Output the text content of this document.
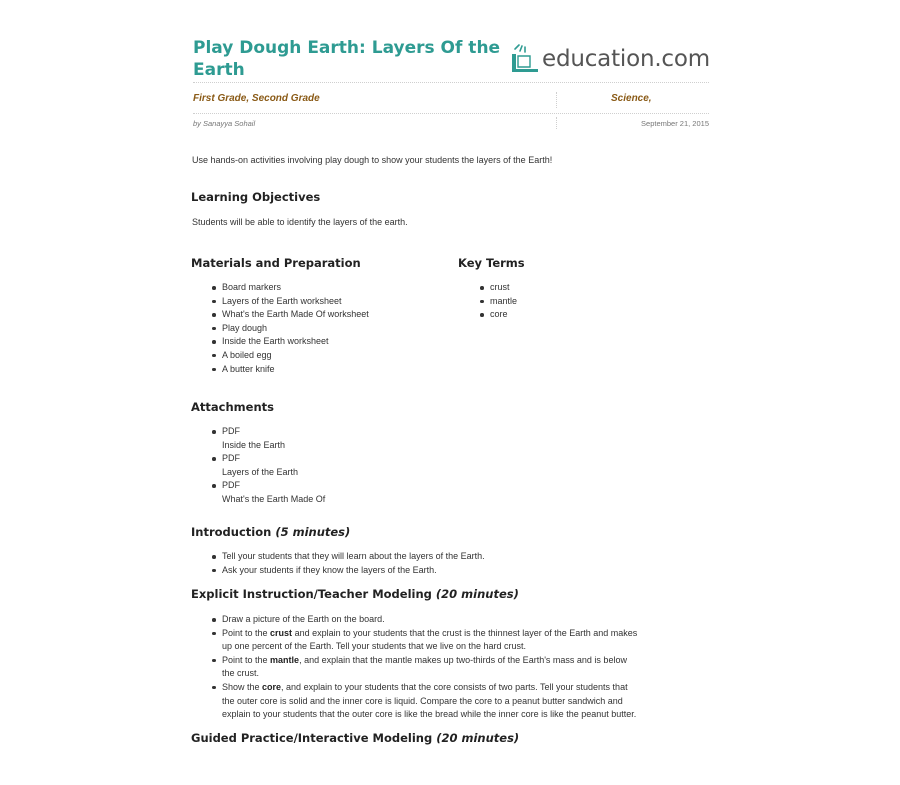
Play Dough Earth: Layers Of the Earth	education.com
First Grade, Second Grade	Science,
by Sanayya Sohail	September 21, 2015
Use hands-on activities involving play dough to show your students the layers of the Earth!
Learning Objectives
Students will be able to identify the layers of the earth.
Materials and Preparation
Board markers
Layers of the Earth worksheet
What's the Earth Made Of worksheet
Play dough
Inside the Earth worksheet
A boiled egg
A butter knife
Key Terms
crust
mantle
core
Attachments
PDF
Inside the Earth
PDF
Layers of the Earth
PDF
What's the Earth Made Of
Introduction (5 minutes)
Tell your students that they will learn about the layers of the Earth.
Ask your students if they know the layers of the Earth.
Explicit Instruction/Teacher Modeling (20 minutes)
Draw a picture of the Earth on the board.
Point to the crust and explain to your students that the crust is the thinnest layer of the Earth and makes
up one percent of the Earth. Tell your students that we live on the hard crust.
Point to the mantle, and explain that the mantle makes up two-thirds of the Earth's mass and is below
the crust.
Show the core, and explain to your students that the core consists of two parts. Tell your students that
the outer core is solid and the inner core is liquid. Compare the core to a peanut butter sandwich and
explain to your students that the outer core is like the bread while the inner core is like the peanut butter.
Guided Practice/Interactive Modeling (20 minutes)
